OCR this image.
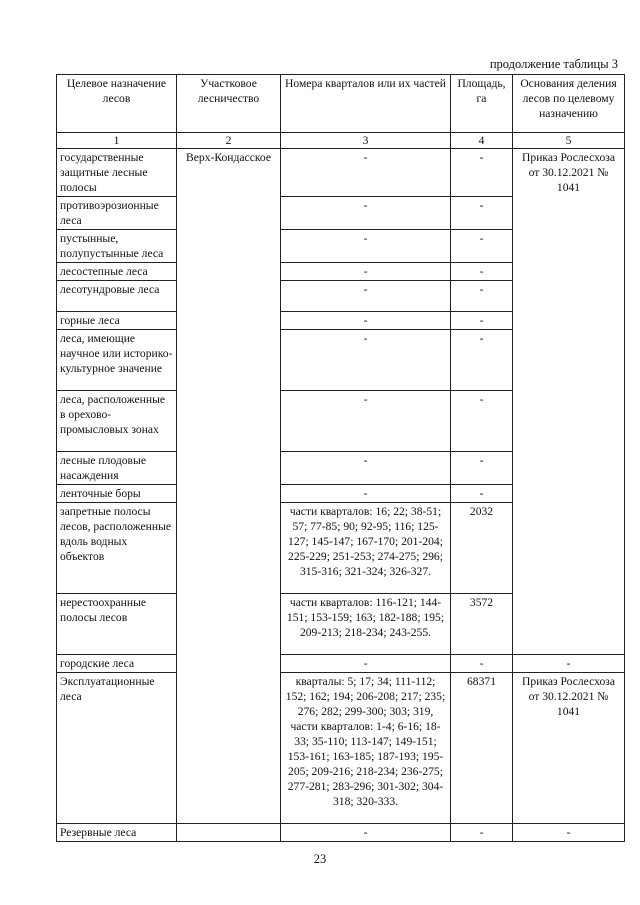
продолжение таблицы 3
Целевое назначение лесов	Участковое лесничество	Номера кварталов или их частей	Площадь, га	Основания деления лесов по целевому назначению
1	2	3	4	5
государственные защитные лесные полосы	Верх-Кондасское	-	-	Приказ Рослесхоза от 30.12.2021 № 1041
противоэрозионные леса		-	-	
пустынные, полупустынные леса		-	-	
лесостепные леса		-	-	
лесотундровые леса		-	-	
горные леса		-	-	
леса, имеющие научное или историко-культурное значение		-	-	
леса, расположенные в орехово-промысловых зонах		-	-	
лесные плодовые насаждения		-	-	
ленточные боры		-	-	
запретные полосы лесов, расположенные вдоль водных объектов		части кварталов: 16; 22; 38-51; 57; 77-85; 90; 92-95; 116; 125-127; 145-147; 167-170; 201-204; 225-229; 251-253; 274-275; 296; 315-316; 321-324; 326-327.	2032	
нерестоохранные полосы лесов		части кварталов: 116-121; 144-151; 153-159; 163; 182-188; 195; 209-213; 218-234; 243-255.	3572	
городские леса		-	-	-
Эксплуатационные леса		кварталы: 5; 17; 34; 111-112; 152; 162; 194; 206-208; 217; 235; 276; 282; 299-300; 303; 319, части кварталов: 1-4; 6-16; 18-33; 35-110; 113-147; 149-151; 153-161; 163-185; 187-193; 195-205; 209-216; 218-234; 236-275; 277-281; 283-296; 301-302; 304-318; 320-333.	68371	Приказ Рослесхоза от 30.12.2021 № 1041
Резервные леса		-	-	-
23
